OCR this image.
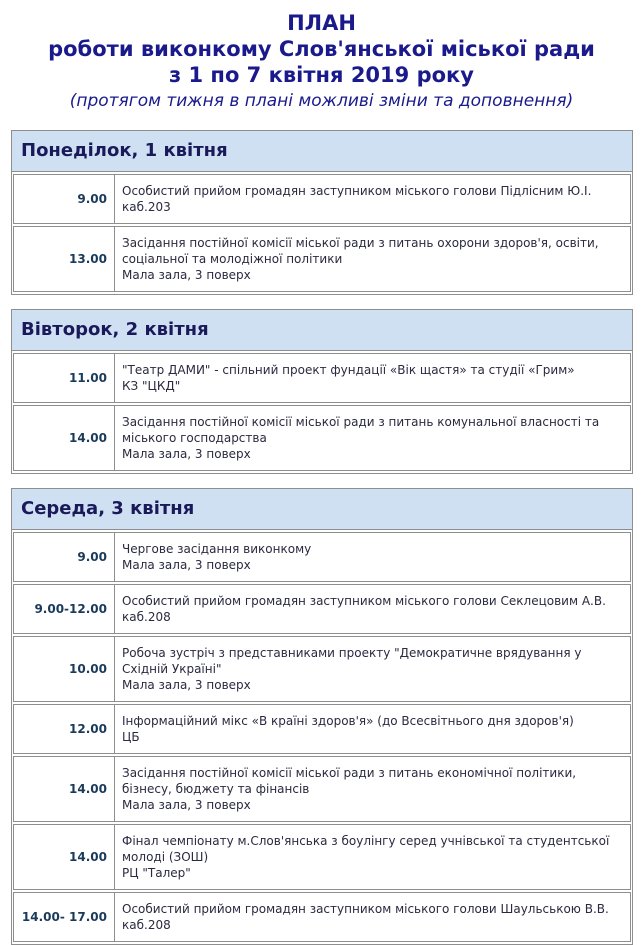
ПЛАН
роботи виконкому Слов'янської міської ради
з 1 по 7 квітня 2019 року
(протягом тижня в плані можливі зміни та доповнення)
Понеділок, 1 квітня
9.00
Особистий прийом громадян заступником міського голови Підлісним Ю.І.
каб.203
13.00
Засідання постійної комісії міської ради з питань охорони здоров'я, освіти, соціальної та молодіжної політики
Мала зала, 3 поверх
Вівторок, 2 квітня
11.00
"Театр ДАМИ" - спільний проект фундації «Вік щастя» та студії «Грим»
КЗ "ЦКД"
14.00
Засідання постійної комісії міської ради з питань комунальної власності та міського господарства
Мала зала, 3 поверх
Середа, 3 квітня
9.00
Чергове засідання виконкому
Мала зала, 3 поверх
9.00-12.00
Особистий прийом громадян заступником міського голови Секлецовим А.В.
каб.208
10.00
Робоча зустріч з представниками проекту "Демократичне врядування у Східній Україні"
Мала зала, 3 поверх
12.00
Інформаційний мікс «В країні здоров'я» (до Всесвітнього дня здоров'я)
ЦБ
14.00
Засідання постійної комісії міської ради з питань економічної політики, бізнесу, бюджету та фінансів
Мала зала, 3 поверх
14.00
Фінал чемпіонату м.Слов'янська з боулінгу серед учнівської та студентської молоді (ЗОШ)
РЦ "Талер"
14.00- 17.00
Особистий прийом громадян заступником міського голови Шаульською В.В.
каб.208
